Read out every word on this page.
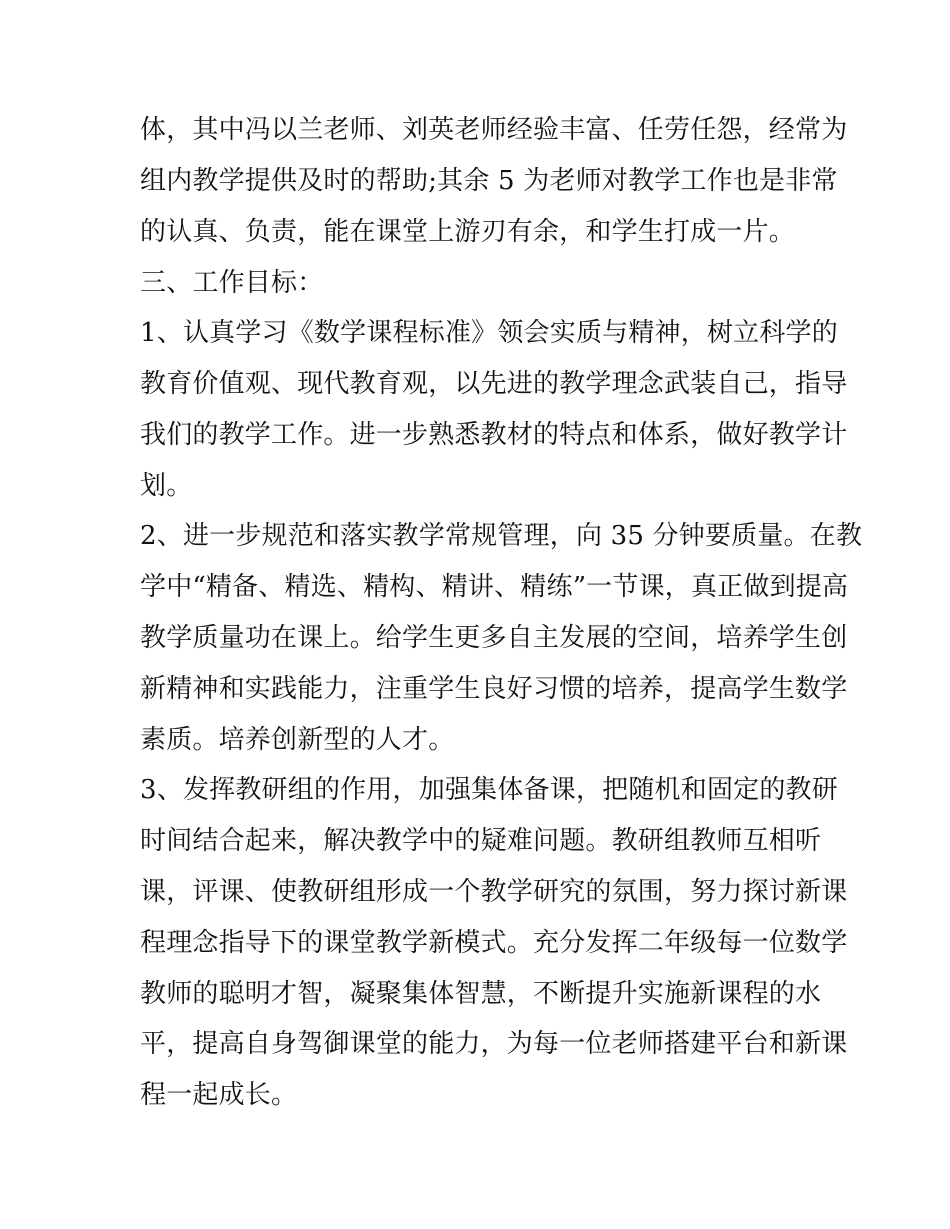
体，其中冯以兰老师、刘英老师经验丰富、任劳任怨，经常为
组内教学提供及时的帮助;其余 5 为老师对教学工作也是非常
的认真、负责，能在课堂上游刃有余，和学生打成一片。
三、工作目标：
1、认真学习《数学课程标准》领会实质与精神，树立科学的
教育价值观、现代教育观，以先进的教学理念武装自己，指导
我们的教学工作。进一步熟悉教材的特点和体系，做好教学计
划。
2、进一步规范和落实教学常规管理，向 35 分钟要质量。在教
学中“精备、精选、精构、精讲、精练”一节课，真正做到提高
教学质量功在课上。给学生更多自主发展的空间，培养学生创
新精神和实践能力，注重学生良好习惯的培养，提高学生数学
素质。培养创新型的人才。
3、发挥教研组的作用，加强集体备课，把随机和固定的教研
时间结合起来，解决教学中的疑难问题。教研组教师互相听
课，评课、使教研组形成一个教学研究的氛围，努力探讨新课
程理念指导下的课堂教学新模式。充分发挥二年级每一位数学
教师的聪明才智，凝聚集体智慧，不断提升实施新课程的水
平，提高自身驾御课堂的能力，为每一位老师搭建平台和新课
程一起成长。
